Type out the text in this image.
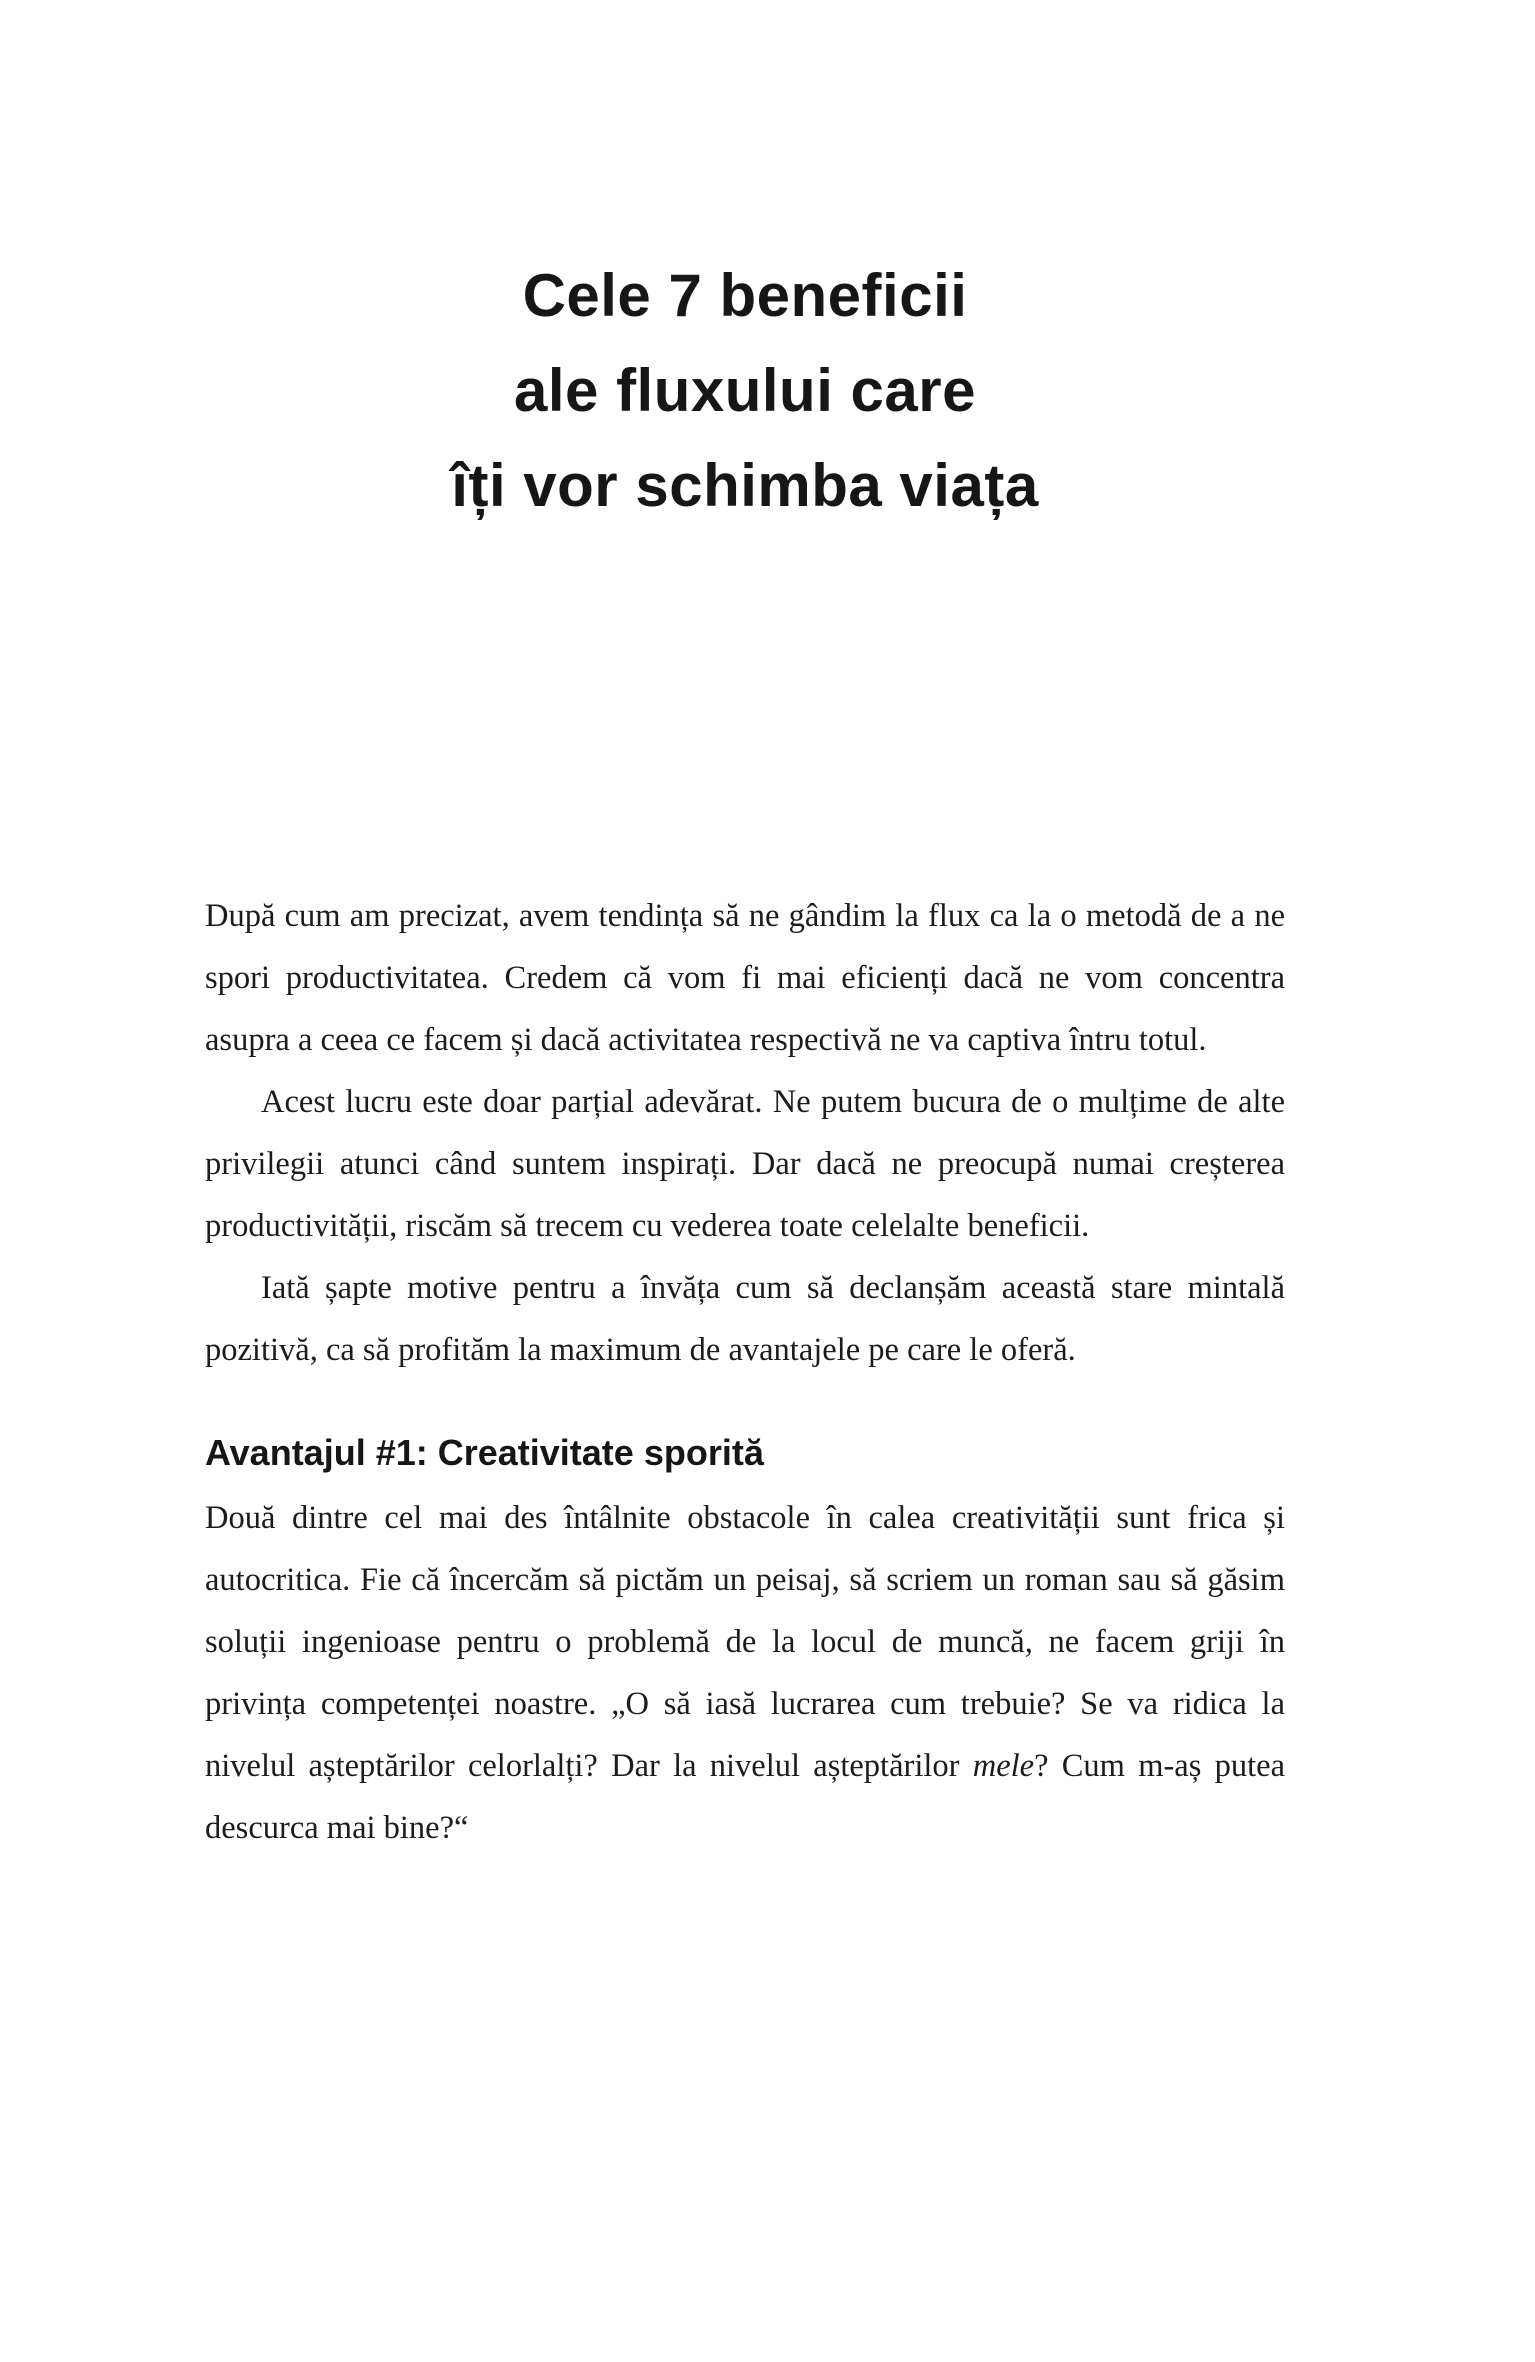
Cele 7 beneficii
ale fluxului care
îți vor schimba viața

După cum am precizat, avem tendința să ne gândim la flux ca la o metodă de a ne spori productivitatea. Credem că vom fi mai eficienți dacă ne vom concentra asupra a ceea ce facem și dacă activitatea respectivă ne va captiva întru totul.

Acest lucru este doar parțial adevărat. Ne putem bucura de o mulțime de alte privilegii atunci când suntem inspirați. Dar dacă ne preocupă numai creșterea productivității, riscăm să trecem cu vederea toate celelalte beneficii.

Iată șapte motive pentru a învăța cum să declanșăm această stare mintală pozitivă, ca să profităm la maximum de avantajele pe care le oferă.

Avantajul #1: Creativitate sporită

Două dintre cel mai des întâlnite obstacole în calea creativității sunt frica și autocritica. Fie că încercăm să pictăm un peisaj, să scriem un roman sau să găsim soluții ingenioase pentru o problemă de la locul de muncă, ne facem griji în privința competenței noastre. „O să iasă lucrarea cum trebuie? Se va ridica la nivelul așteptărilor celorlalți? Dar la nivelul așteptărilor mele? Cum m-aș putea descurca mai bine?“
